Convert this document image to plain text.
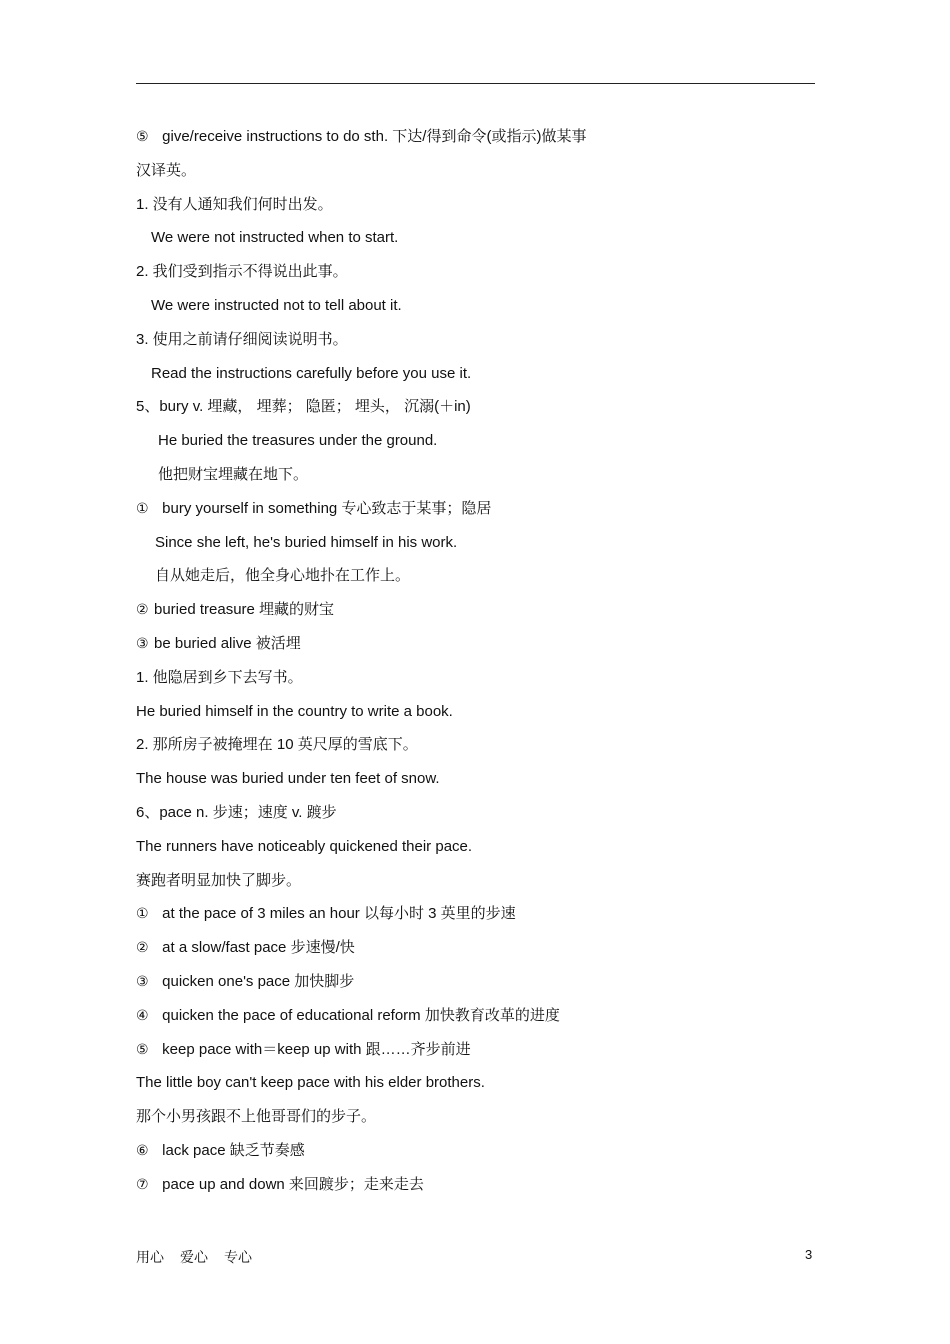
⑤ give/receive instructions to do sth. 下达/得到命令(或指示)做某事
汉译英。
1. 没有人通知我们何时出发。
We were not instructed when to start.
2. 我们受到指示不得说出此事。
We were instructed not to tell about it.
3. 使用之前请仔细阅读说明书。
Read the instructions carefully before you use it.
5、bury v. 埋藏， 埋葬； 隐匿； 埋头， 沉溺(＋in)
He buried the treasures under the ground.
他把财宝埋藏在地下。
① bury yourself in something 专心致志于某事；隐居
Since she left, he's buried himself in his work.
自从她走后，他全身心地扑在工作上。
② buried treasure 埋藏的财宝
③ be buried alive 被活埋
1. 他隐居到乡下去写书。
He buried himself in the country to write a book.
2. 那所房子被掩埋在 10 英尺厚的雪底下。
The house was buried under ten feet of snow.
6、pace n. 步速；速度 v. 踱步
The runners have noticeably quickened their pace.
赛跑者明显加快了脚步。
① at the pace of 3 miles an hour 以每小时 3 英里的步速
② at a slow/fast pace 步速慢/快
③ quicken one's pace 加快脚步
④ quicken the pace of educational reform 加快教育改革的进度
⑤ keep pace with＝keep up with 跟……齐步前进
The little boy can't keep pace with his elder brothers.
那个小男孩跟不上他哥哥们的步子。
⑥ lack pace 缺乏节奏感
⑦ pace up and down 来回踱步；走来走去
用心 爱心 专心	3
